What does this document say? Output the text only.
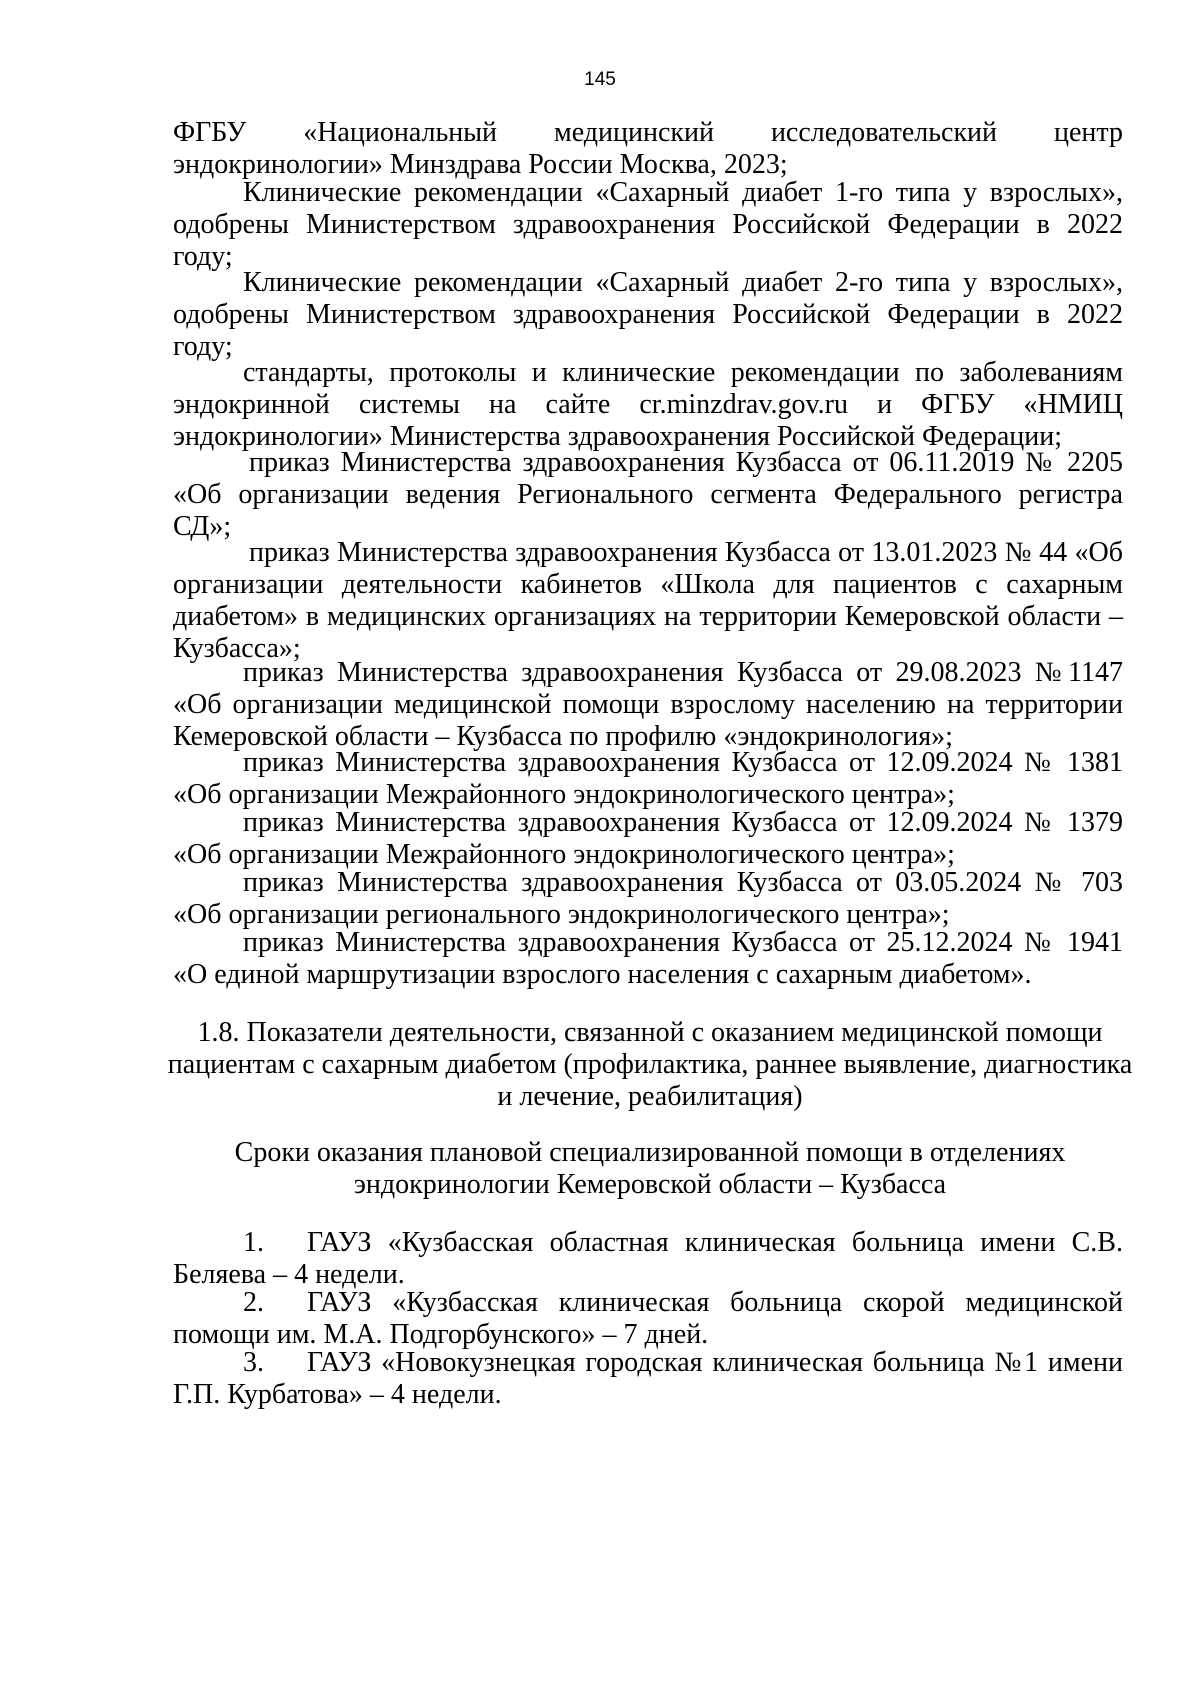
145

ФГБУ «Национальный медицинский исследовательский центр эндокринологии» Минздрава России Москва, 2023;

Клинические рекомендации «Сахарный диабет 1-го типа у взрослых», одобрены Министерством здравоохранения Российской Федерации в 2022 году;

Клинические рекомендации «Сахарный диабет 2-го типа у взрослых», одобрены Министерством здравоохранения Российской Федерации в 2022 году;

стандарты, протоколы и клинические рекомендации по заболеваниям эндокринной системы на сайте cr.minzdrav.gov.ru и ФГБУ «НМИЦ эндокринологии» Министерства здравоохранения Российской Федерации;

приказ Министерства здравоохранения Кузбасса от 06.11.2019 № 2205 «Об организации ведения Регионального сегмента Федерального регистра СД»;

приказ Министерства здравоохранения Кузбасса от 13.01.2023 № 44 «Об организации деятельности кабинетов «Школа для пациентов с сахарным диабетом» в медицинских организациях на территории Кемеровской области – Кузбасса»;

приказ Министерства здравоохранения Кузбасса от 29.08.2023 №1147 «Об организации медицинской помощи взрослому населению на территории Кемеровской области – Кузбасса по профилю «эндокринология»;

приказ Министерства здравоохранения Кузбасса от 12.09.2024 № 1381 «Об организации Межрайонного эндокринологического центра»;

приказ Министерства здравоохранения Кузбасса от 12.09.2024 № 1379 «Об организации Межрайонного эндокринологического центра»;

приказ Министерства здравоохранения Кузбасса от 03.05.2024 № 703 «Об организации регионального эндокринологического центра»;

приказ Министерства здравоохранения Кузбасса от 25.12.2024 № 1941 «О единой маршрутизации взрослого населения с сахарным диабетом».

1.8. Показатели деятельности, связанной с оказанием медицинской помощи пациентам с сахарным диабетом (профилактика, раннее выявление, диагностика и лечение, реабилитация)

Сроки оказания плановой специализированной помощи в отделениях эндокринологии Кемеровской области – Кузбасса

1. ГАУЗ «Кузбасская областная клиническая больница имени С.В. Беляева – 4 недели.
2. ГАУЗ «Кузбасская клиническая больница скорой медицинской помощи им. М.А. Подгорбунского» – 7 дней.
3. ГАУЗ «Новокузнецкая городская клиническая больница №1 имени Г.П. Курбатова» – 4 недели.
